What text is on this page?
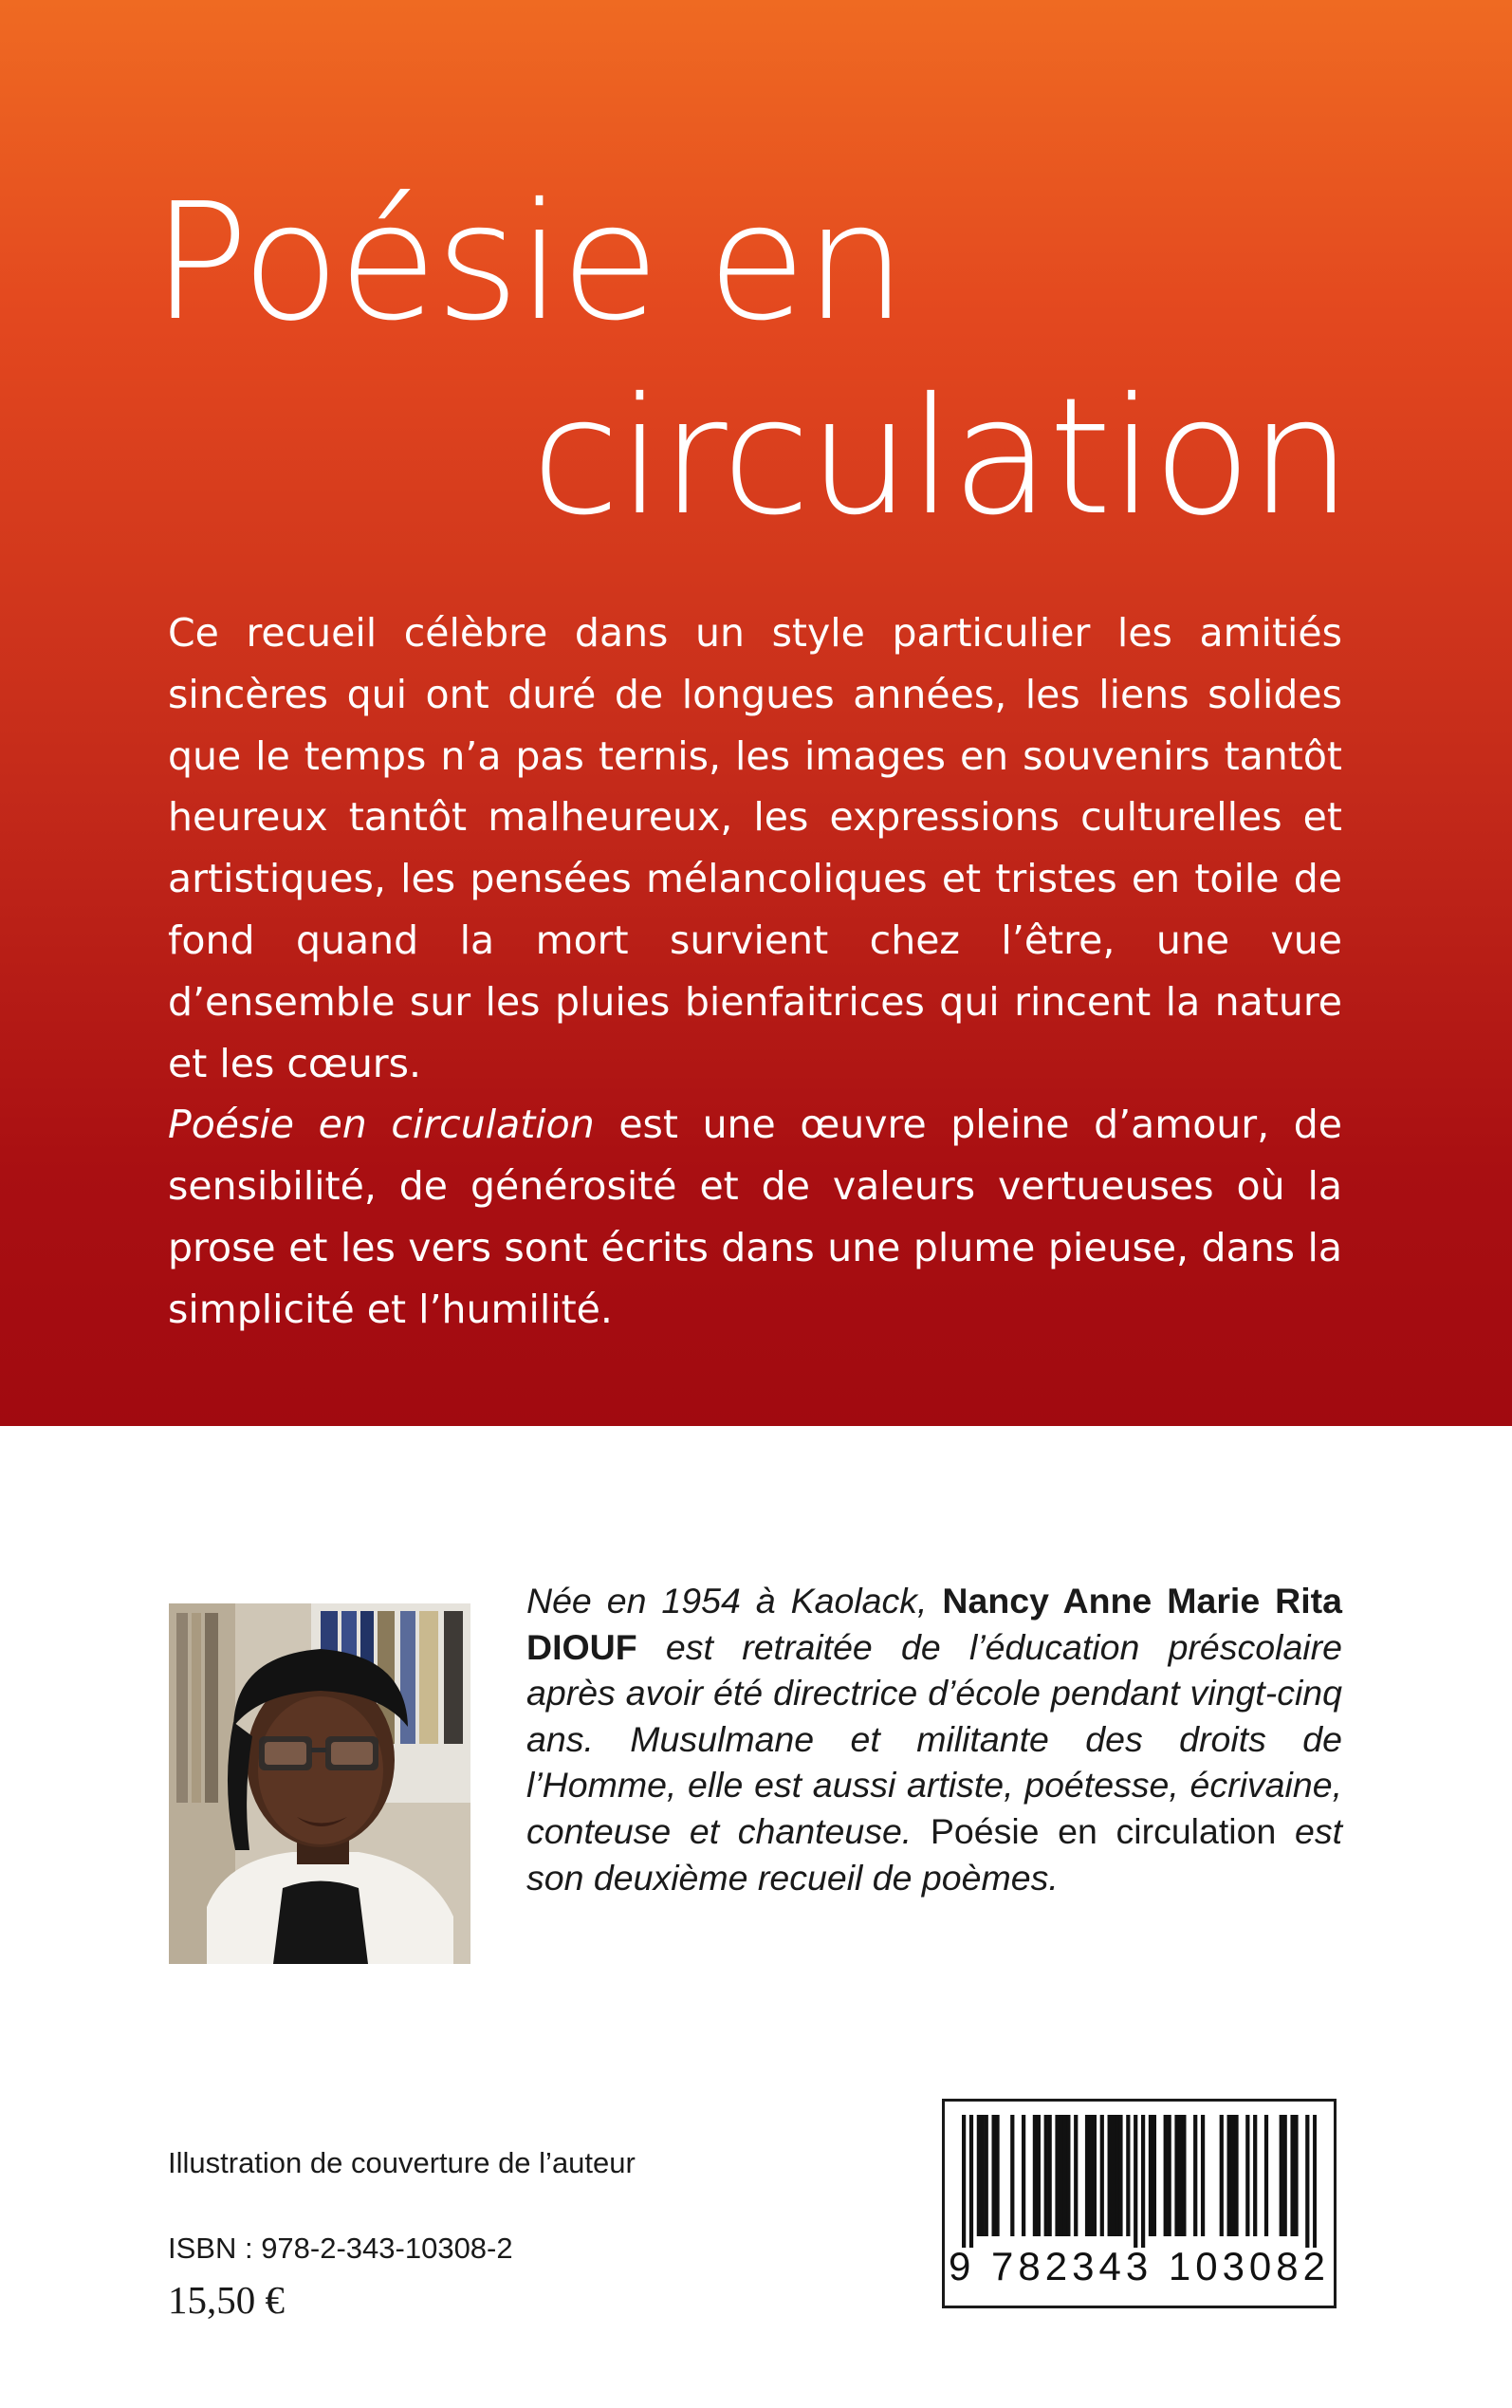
Poésie en
circulation

Ce recueil célèbre dans un style particulier les amitiés sincères qui ont duré de longues années, les liens solides que le temps n’a pas ternis, les images en souvenirs tantôt heureux tantôt malheureux, les expressions culturelles et artistiques, les pensées mélancoliques et tristes en toile de fond quand la mort survient chez l’être, une vue d’ensemble sur les pluies bienfaitrices qui rincent la nature et les cœurs.

Poésie en circulation est une œuvre pleine d’amour, de sensibilité, de générosité et de valeurs vertueuses où la prose et les vers sont écrits dans une plume pieuse, dans la simplicité et l’humilité.

Née en 1954 à Kaolack, Nancy Anne Marie Rita DIOUF est retraitée de l’éducation préscolaire après avoir été directrice d’école pendant vingt-cinq ans. Musulmane et militante des droits de l’Homme, elle est aussi artiste, poétesse, écrivaine, conteuse et chanteuse. Poésie en circulation est son deuxième recueil de poèmes.
Illustration de couverture de l’auteur
ISBN : 978-2-343-10308-2
15,50 €
9 782343 103082
